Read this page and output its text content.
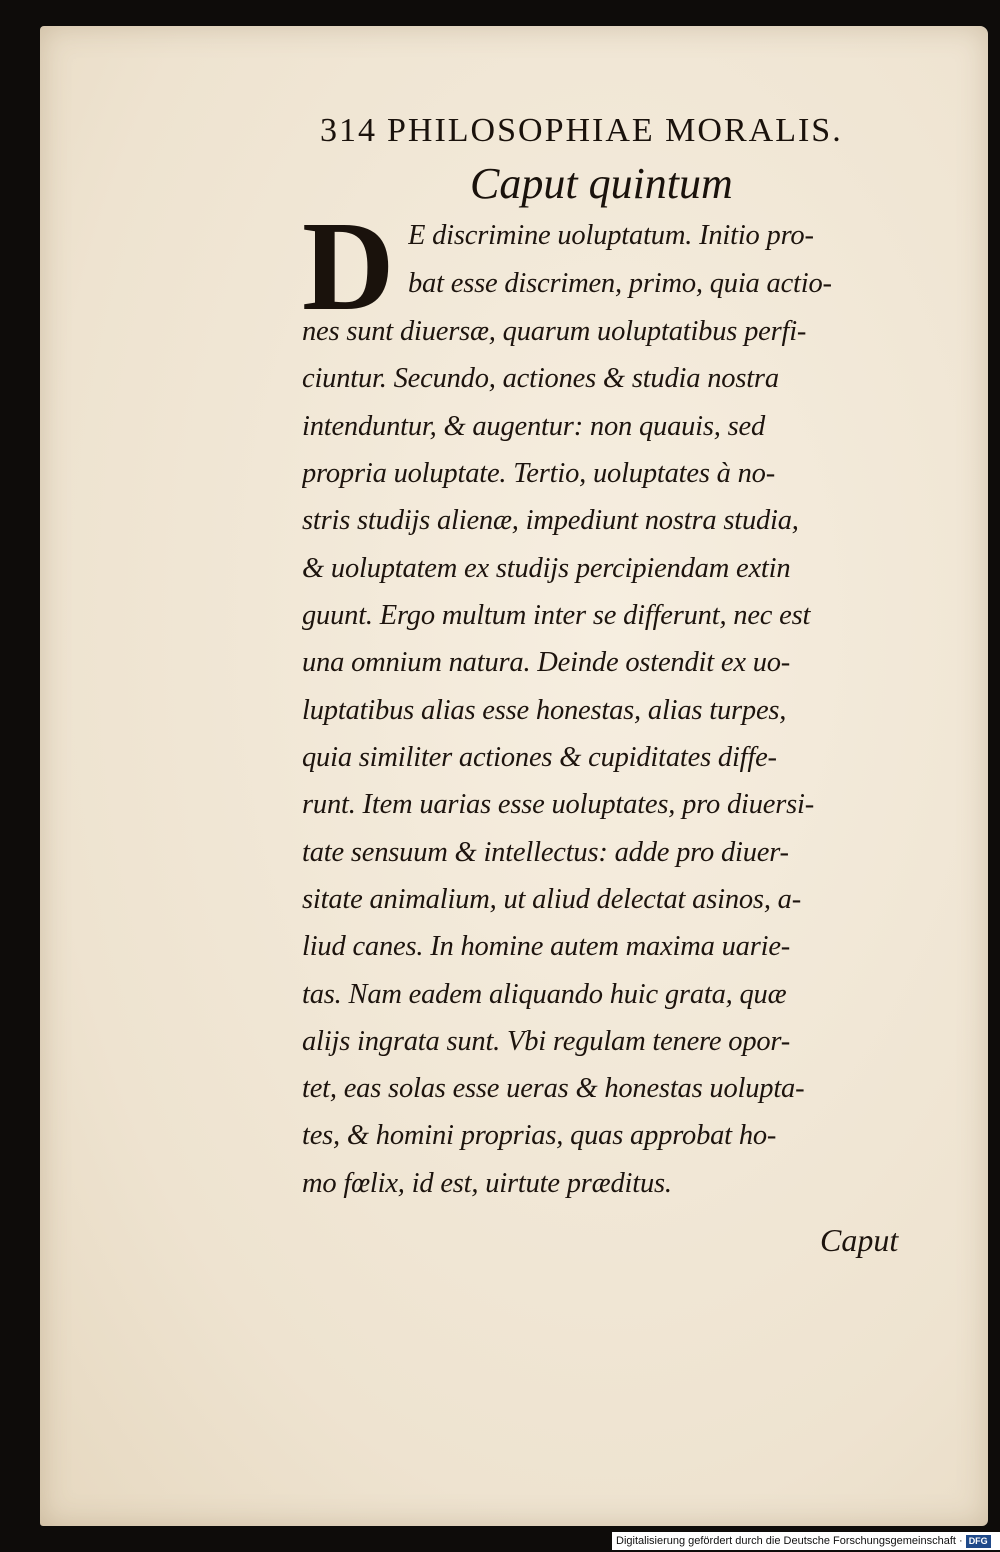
314 PHILOSOPHIAE MORALIS.
Caput quintum
D E discrimine uoluptatum. Initio pro-
bat esse discrimen, primo, quia actio-
nes sunt diuersæ, quarum uoluptatibus perfi-
ciuntur. Secundo, actiones & studia nostra
intenduntur, & augentur: non quauis, sed
propria uoluptate. Tertio, uoluptates à no-
stris studijs alienæ, impediunt nostra studia,
& uoluptatem ex studijs percipiendam extin
guunt. Ergo multum inter se differunt, nec est
una omnium natura. Deinde ostendit ex uo-
luptatibus alias esse honestas, alias turpes,
quia similiter actiones & cupiditates diffe-
runt. Item uarias esse uoluptates, pro diuersi-
tate sensuum & intellectus: adde pro diuer-
sitate animalium, ut aliud delectat asinos, a-
liud canes. In homine autem maxima uarie-
tas. Nam eadem aliquando huic grata, quæ
alijs ingrata sunt. Vbi regulam tenere opor-
tet, eas solas esse ueras & honestas uolupta-
tes, & homini proprias, quas approbat ho-
mo fœlix, id est, uirtute præditus.
Caput
Digitalisierung gefördert durch die Deutsche Forschungsgemeinschaft · DFG
